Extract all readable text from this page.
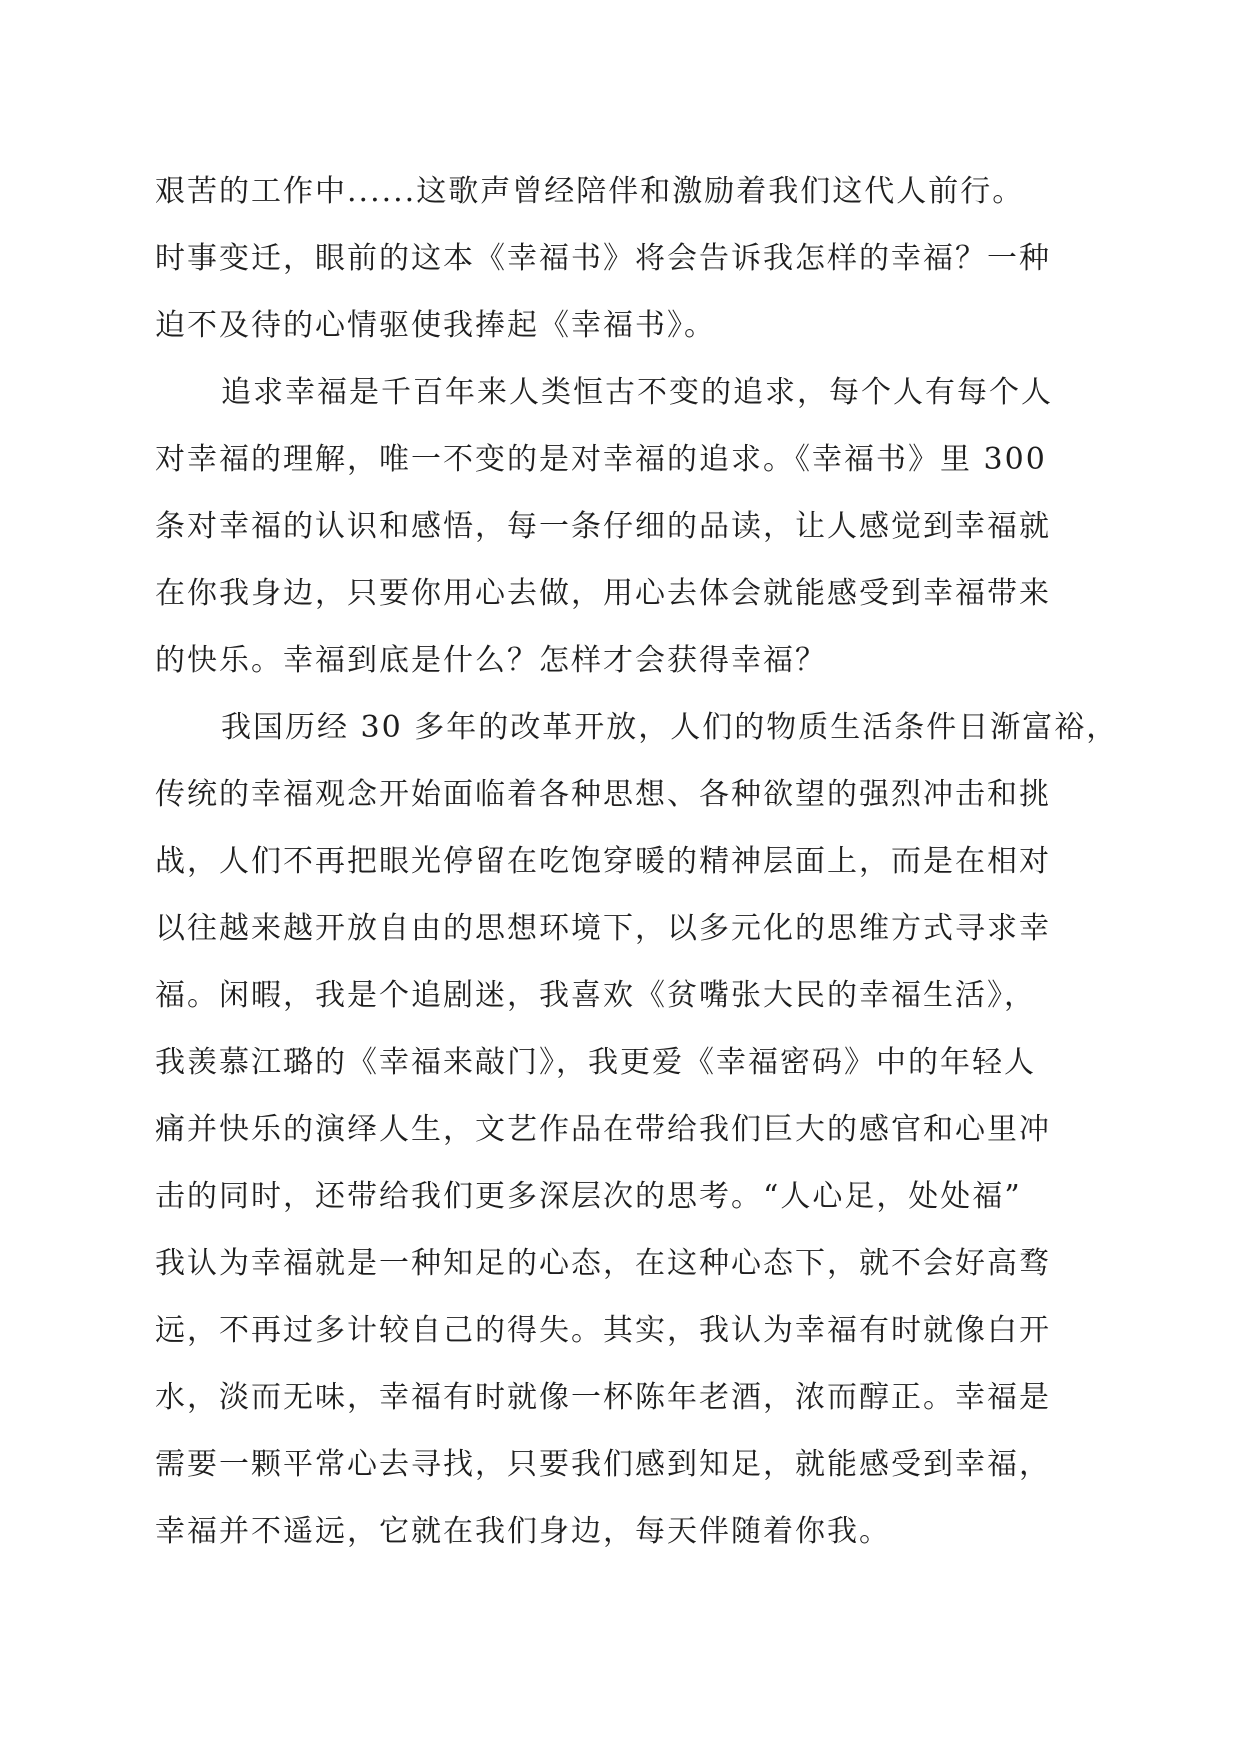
艰苦的工作中......这歌声曾经陪伴和激励着我们这代人前行。
时事变迁，眼前的这本《幸福书》将会告诉我怎样的幸福？一种
迫不及待的心情驱使我捧起《幸福书》。
追求幸福是千百年来人类恒古不变的追求，每个人有每个人
对幸福的理解，唯一不变的是对幸福的追求。《幸福书》里 300
条对幸福的认识和感悟，每一条仔细的品读，让人感觉到幸福就
在你我身边，只要你用心去做，用心去体会就能感受到幸福带来
的快乐。幸福到底是什么？怎样才会获得幸福？
我国历经 30 多年的改革开放，人们的物质生活条件日渐富裕，
传统的幸福观念开始面临着各种思想、各种欲望的强烈冲击和挑
战，人们不再把眼光停留在吃饱穿暖的精神层面上，而是在相对
以往越来越开放自由的思想环境下，以多元化的思维方式寻求幸
福。闲暇，我是个追剧迷，我喜欢《贫嘴张大民的幸福生活》，
我羡慕江璐的《幸福来敲门》，我更爱《幸福密码》中的年轻人
痛并快乐的演绎人生，文艺作品在带给我们巨大的感官和心里冲
击的同时，还带给我们更多深层次的思考。“人心足，处处福”
我认为幸福就是一种知足的心态，在这种心态下，就不会好高骛
远，不再过多计较自己的得失。其实，我认为幸福有时就像白开
水，淡而无味，幸福有时就像一杯陈年老酒，浓而醇正。幸福是
需要一颗平常心去寻找，只要我们感到知足，就能感受到幸福，
幸福并不遥远，它就在我们身边，每天伴随着你我。
